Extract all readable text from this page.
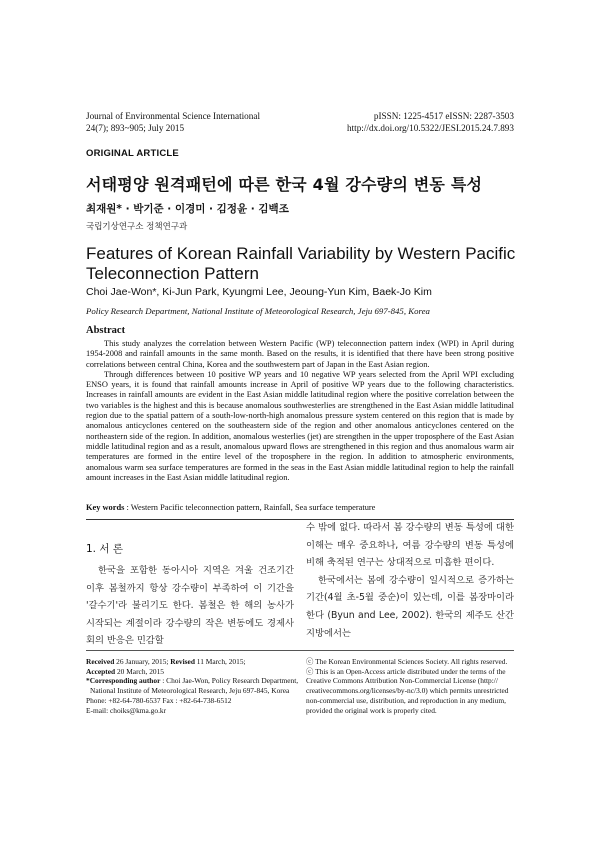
Journal of Environmental Science International
24(7); 893~905; July 2015
pISSN: 1225-4517 eISSN: 2287-3503
http://dx.doi.org/10.5322/JESI.2015.24.7.893
ORIGINAL ARTICLE
서태평양 원격패턴에 따른 한국 4월 강수량의 변동 특성
최재원* · 박기준 · 이경미 · 김정윤 · 김백조
국립기상연구소 정책연구과
Features of Korean Rainfall Variability by Western Pacific Teleconnection Pattern
Choi Jae-Won*, Ki-Jun Park, Kyungmi Lee, Jeoung-Yun Kim, Baek-Jo Kim
Policy Research Department, National Institute of Meteorological Research, Jeju 697-845, Korea
Abstract

This study analyzes the correlation between Western Pacific (WP) teleconnection pattern index (WPI) in April during 1954-2008 and rainfall amounts in the same month. Based on the results, it is identified that there have been strong positive correlations between central China, Korea and the southwestern part of Japan in the East Asian region.

Through differences between 10 positive WP years and 10 negative WP years selected from the April WPI excluding ENSO years, it is found that rainfall amounts increase in April of positive WP years due to the following characteristics. Increases in rainfall amounts are evident in the East Asian middle latitudinal region where the positive correlation between the two variables is the highest and this is because anomalous southwesterlies are strengthened in the East Asian middle latitudinal region due to the spatial pattern of a south-low-north-high anomalous pressure system centered on this region that is made by anomalous anticyclones centered on the southeastern side of the region and other anomalous anticyclones centered on the northeastern side of the region. In addition, anomalous westerlies (jet) are strengthen in the upper troposphere of the East Asian middle latitudinal region and as a result, anomalous upward flows are strengthened in this region and thus anomalous warm air temperatures are formed in the entire level of the troposphere in the region. In addition to atmospheric environments, anomalous warm sea surface temperatures are formed in the seas in the East Asian middle latitudinal region to help the rainfall amount increases in the East Asian middle latitudinal region.

Key words : Western Pacific teleconnection pattern, Rainfall, Sea surface temperature
1. 서 론

한국을 포함한 동아시아 지역은 겨울 건조기간 이후 봄철까지 항상 강수량이 부족하여 이 기간을 '갈수기'라 불리기도 한다. 봄철은 한 해의 농사가 시작되는 계절이라 강수량의 작은 변동에도 경제사회의 반응은 민감할

수 밖에 없다. 따라서 봄 강수량의 변동 특성에 대한 이해는 매우 중요하나, 여름 강수량의 변동 특성에 비해 축적된 연구는 상대적으로 미흡한 편이다.

한국에서는 봄에 강수량이 일시적으로 증가하는 기간(4월 초-5월 중순)이 있는데, 이를 봄장마이라 한다 (Byun and Lee, 2002). 한국의 제주도 산간 지방에서는

Received 26 January, 2015; Revised 11 March, 2015;
Accepted 20 March, 2015
*Corresponding author : Choi Jae-Won, Policy Research Department,
National Institute of Meteorological Research, Jeju 697-845, Korea
Phone: +82-64-780-6537 Fax : +82-64-738-6512
E-mail: choiks@kma.go.kr
ⓒ The Korean Environmental Sciences Society. All rights reserved.
ⓒ This is an Open-Access article distributed under the terms of the
Creative Commons Attribution Non-Commercial License (http://
creativecommons.org/licenses/by-nc/3.0) which permits unrestricted
non-commercial use, distribution, and reproduction in any medium,
provided the original work is properly cited.
